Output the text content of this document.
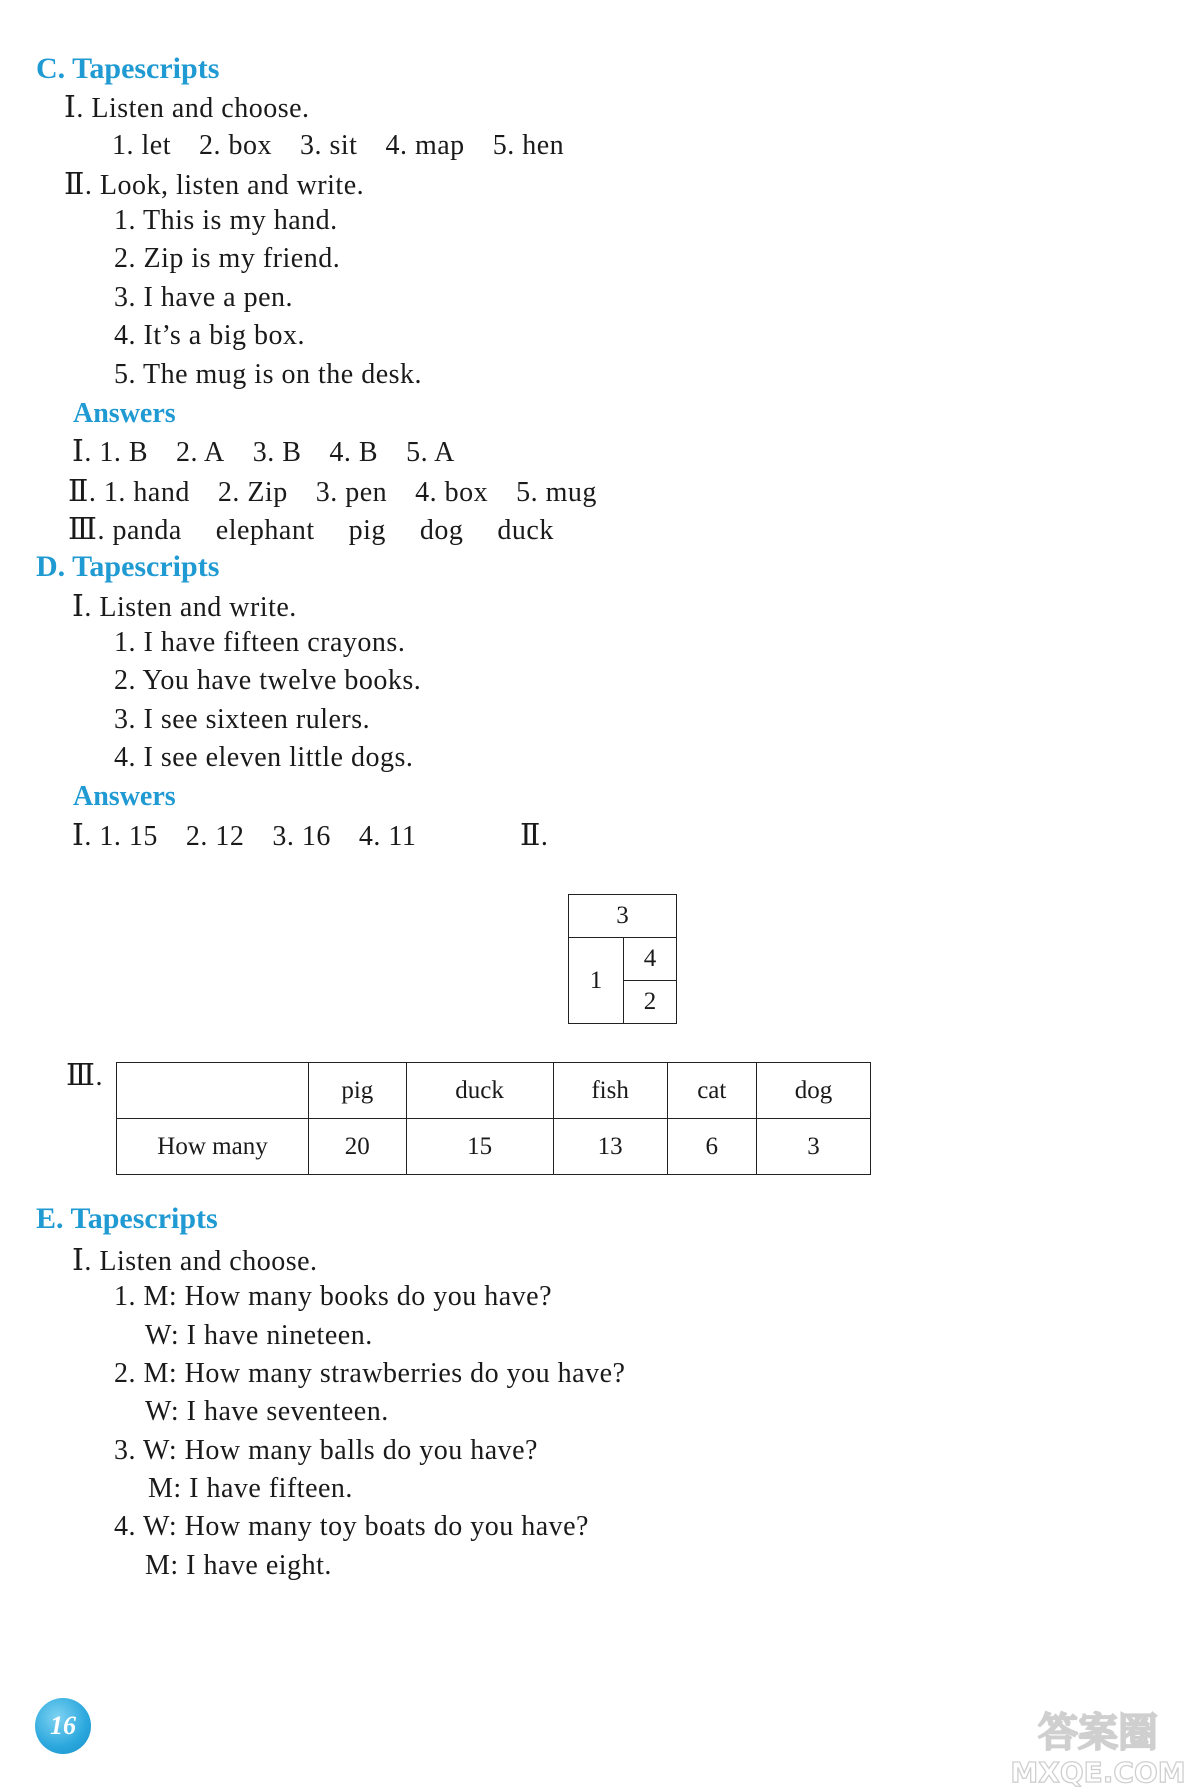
C. Tapescripts
Ⅰ. Listen and choose.
1. let 2. box 3. sit 4. map 5. hen
Ⅱ. Look, listen and write.
1. This is my hand.
2. Zip is my friend.
3. I have a pen.
4. It’s a big box.
5. The mug is on the desk.
Answers
Ⅰ. 1. B 2. A 3. B 4. B 5. A
Ⅱ. 1. hand 2. Zip 3. pen 4. box 5. mug
Ⅲ. panda elephant pig dog duck
D. Tapescripts
Ⅰ. Listen and write.
1. I have fifteen crayons.
2. You have twelve books.
3. I see sixteen rulers.
4. I see eleven little dogs.
Answers
Ⅰ. 1. 15 2. 12 3. 16 4. 11	Ⅱ.
3
1	4
2
Ⅲ.
		pig	duck	fish	cat	dog
How many	20	15	13	6	3
E. Tapescripts
Ⅰ. Listen and choose.
1. M: How many books do you have?
W: I have nineteen.
2. M: How many strawberries do you have?
W: I have seventeen.
3. W: How many balls do you have?
M: I have fifteen.
4. W: How many toy boats do you have?
M: I have eight.
16	答案圈
MXQE.COM
